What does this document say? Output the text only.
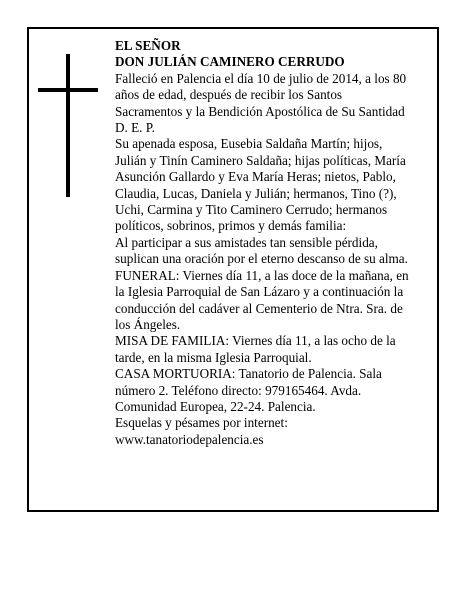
EL SEÑOR
DON JULIÁN CAMINERO CERRUDO
Falleció en Palencia el día 10 de julio de 2014, a los 80
años de edad, después de recibir los Santos
Sacramentos y la Bendición Apostólica de Su Santidad
D. E. P.
Su apenada esposa, Eusebia Saldaña Martín; hijos,
Julián y Tinín Caminero Saldaña; hijas políticas, María
Asunción Gallardo y Eva María Heras; nietos, Pablo,
Claudia, Lucas, Daniela y Julián; hermanos, Tino (?),
Uchi, Carmina y Tito Caminero Cerrudo; hermanos
políticos, sobrinos, primos y demás familia:
Al participar a sus amistades tan sensible pérdida,
suplican una oración por el eterno descanso de su alma.
FUNERAL: Viernes día 11, a las doce de la mañana, en
la Iglesia Parroquial de San Lázaro y a continuación la
conducción del cadáver al Cementerio de Ntra. Sra. de
los Ángeles.
MISA DE FAMILIA: Viernes día 11, a las ocho de la
tarde, en la misma Iglesia Parroquial.
CASA MORTUORIA: Tanatorio de Palencia. Sala
número 2. Teléfono directo: 979165464. Avda.
Comunidad Europea, 22-24. Palencia.
Esquelas y pésames por internet:
www.tanatoriodepalencia.es
